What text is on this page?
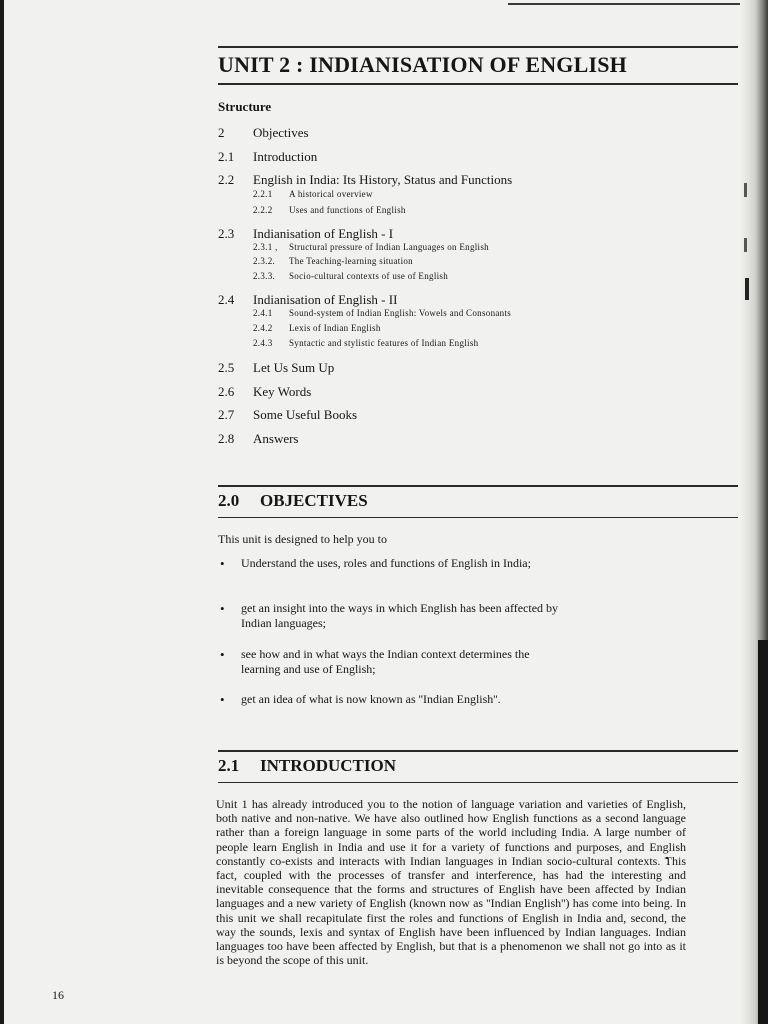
UNIT 2 : INDIANISATION OF ENGLISH
Structure
2 Objectives
2.1 Introduction
2.2 English in India: Its History, Status and Functions
2.3 Indianisation of English - I
2.4 Indianisation of English - II
2.5 Let Us Sum Up
2.6 Key Words
2.7 Some Useful Books
2.8 Answers
2.2.1 A historical overview
2.2.2 Uses and functions of English
2.3.1 , Structural pressure of Indian Languages on English
2.3.2. The Teaching-learning situation
2.3.3. Socio-cultural contexts of use of English
2.4.1 Sound-system of Indian English: Vowels and Consonants
2.4.2 Lexis of Indian English
2.4.3 Syntactic and stylistic features of Indian English
2.0 OBJECTIVES
This unit is designed to help you to
• Understand the uses, roles and functions of English in India;
• get an insight into the ways in which English has been affected by Indian languages;
• see how and in what ways the Indian context determines the learning and use of English;
• get an idea of what is now known as ''Indian English''.
2.1 INTRODUCTION
Unit 1 has already introduced you to the notion of language variation and varieties of English, both native and non-native. We have also outlined how English functions as a second language rather than a foreign language in some parts of the world including India. A large number of people learn English in India and use it for a variety of functions and purposes, and English constantly co-exists and interacts with Indian languages in Indian socio-cultural contexts. This fact, coupled with the processes of transfer and interference, has had the interesting and inevitable consequence that the forms and structures of English have been affected by Indian languages and a new variety of English (known now as ''Indian English'') has come into being. In this unit we shall recapitulate first the roles and functions of English in India and, second, the way the sounds, lexis and syntax of English have been influenced by Indian languages. Indian languages too have been affected by English, but that is a phenomenon we shall not go into as it is beyond the scope of this unit.
16
